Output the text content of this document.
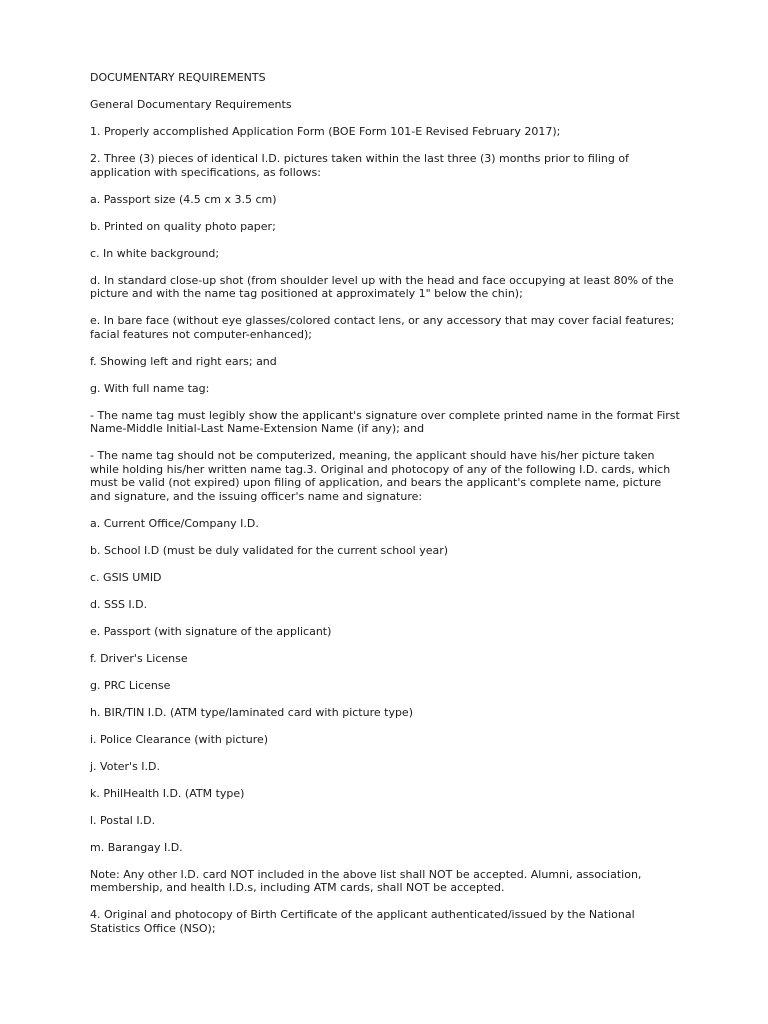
DOCUMENTARY REQUIREMENTS

General Documentary Requirements

1. Properly accomplished Application Form (BOE Form 101-E Revised February 2017);

2. Three (3) pieces of identical I.D. pictures taken within the last three (3) months prior to filing of application with specifications, as follows:

a. Passport size (4.5 cm x 3.5 cm)

b. Printed on quality photo paper;

c. In white background;

d. In standard close-up shot (from shoulder level up with the head and face occupying at least 80% of the picture and with the name tag positioned at approximately 1" below the chin);

e. In bare face (without eye glasses/colored contact lens, or any accessory that may cover facial features; facial features not computer-enhanced);

f. Showing left and right ears; and

g. With full name tag:

- The name tag must legibly show the applicant's signature over complete printed name in the format First Name-Middle Initial-Last Name-Extension Name (if any); and

- The name tag should not be computerized, meaning, the applicant should have his/her picture taken while holding his/her written name tag.3. Original and photocopy of any of the following I.D. cards, which must be valid (not expired) upon filing of application, and bears the applicant's complete name, picture and signature, and the issuing officer's name and signature:

a. Current Office/Company I.D.

b. School I.D (must be duly validated for the current school year)

c. GSIS UMID

d. SSS I.D.

e. Passport (with signature of the applicant)

f. Driver's License

g. PRC License

h. BIR/TIN I.D. (ATM type/laminated card with picture type)

i. Police Clearance (with picture)

j. Voter's I.D.

k. PhilHealth I.D. (ATM type)

l. Postal I.D.

m. Barangay I.D.

Note: Any other I.D. card NOT included in the above list shall NOT be accepted. Alumni, association, membership, and health I.D.s, including ATM cards, shall NOT be accepted.

4. Original and photocopy of Birth Certificate of the applicant authenticated/issued by the National Statistics Office (NSO);
